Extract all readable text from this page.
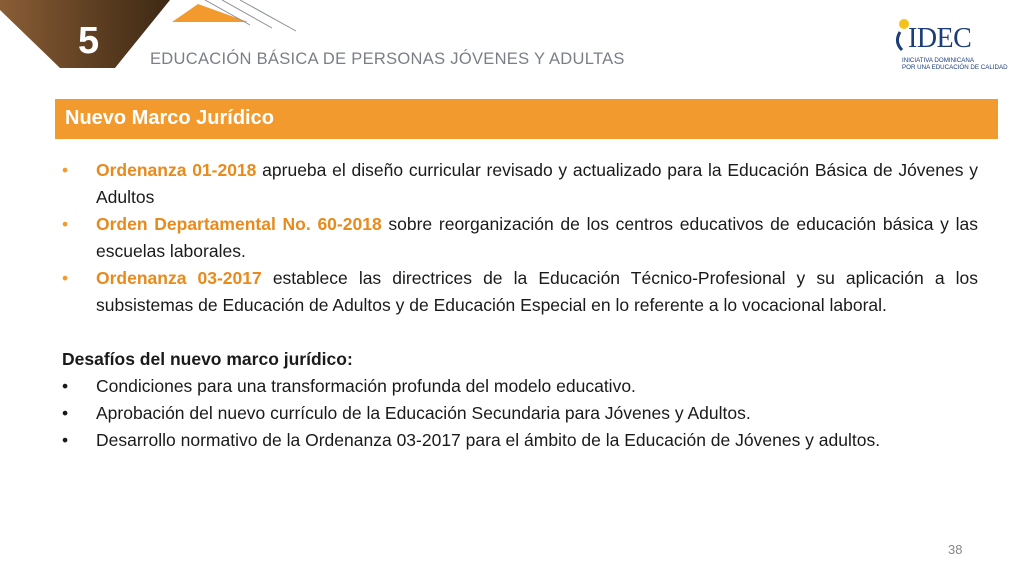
5	EDUCACIÓN BÁSICA DE PERSONAS JÓVENES Y ADULTAS
IDEC
INICIATIVA DOMINICANA
POR UNA EDUCACIÓN DE CALIDAD
Nuevo Marco Jurídico
•	Ordenanza 01-2018 aprueba el diseño curricular revisado y actualizado para la Educación Básica de Jóvenes y Adultos
•	Orden Departamental No. 60-2018 sobre reorganización de los centros educativos de educación básica y las escuelas laborales.
•	Ordenanza 03-2017 establece las directrices de la Educación Técnico-Profesional y su aplicación a los subsistemas de Educación de Adultos y de Educación Especial en lo referente a lo vocacional laboral.
Desafíos del nuevo marco jurídico:
•	Condiciones para una transformación profunda del modelo educativo.
•	Aprobación del nuevo currículo de la Educación Secundaria para Jóvenes y Adultos.
•	Desarrollo normativo de la Ordenanza 03-2017 para el ámbito de la Educación de Jóvenes y adultos.
38
